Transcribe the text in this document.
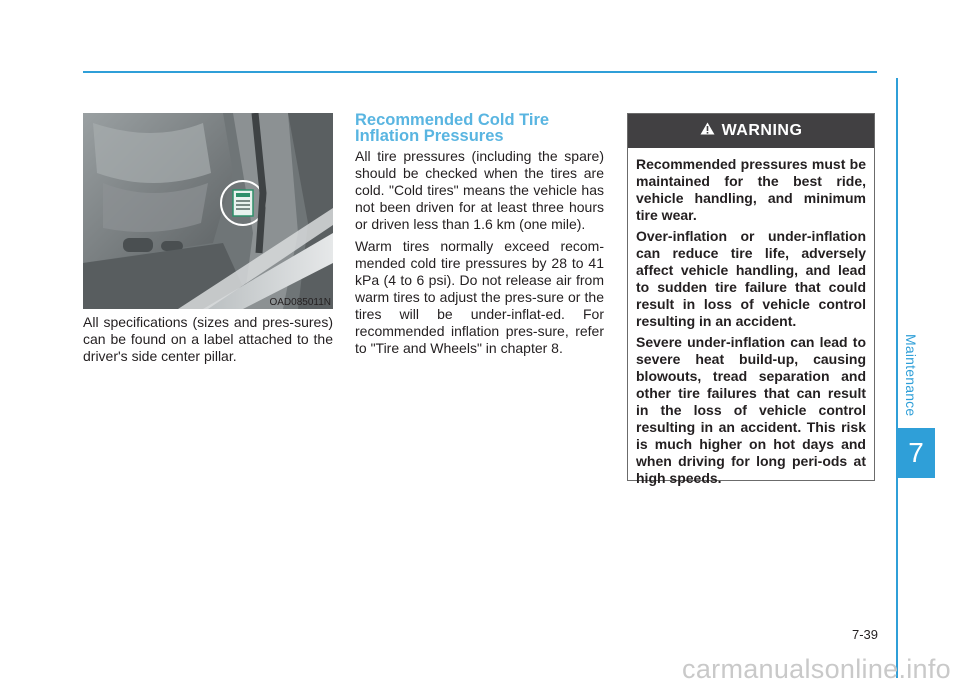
Maintenance
7
OAD085011N

All specifications (sizes and pres-sures) can be found on a label attached to the driver's side center pillar.

Recommended Cold Tire Inflation Pressures

All tire pressures (including the spare) should be checked when the tires are cold. "Cold tires" means the vehicle has not been driven for at least three hours or driven less than 1.6 km (one mile).

Warm tires normally exceed recom-mended cold tire pressures by 28 to 41 kPa (4 to 6 psi). Do not release air from warm tires to adjust the pres-sure or the tires will be under-inflat-ed. For recommended inflation pres-sure, refer to "Tire and Wheels" in chapter 8.

WARNING

Recommended pressures must be maintained for the best ride, vehicle handling, and minimum tire wear.

Over-inflation or under-inflation can reduce tire life, adversely affect vehicle handling, and lead to sudden tire failure that could result in loss of vehicle control resulting in an accident.

Severe under-inflation can lead to severe heat build-up, causing blowouts, tread separation and other tire failures that can result in the loss of vehicle control resulting in an accident. This risk is much higher on hot days and when driving for long peri-ods at high speeds.

7-39
carmanualsonline.info
